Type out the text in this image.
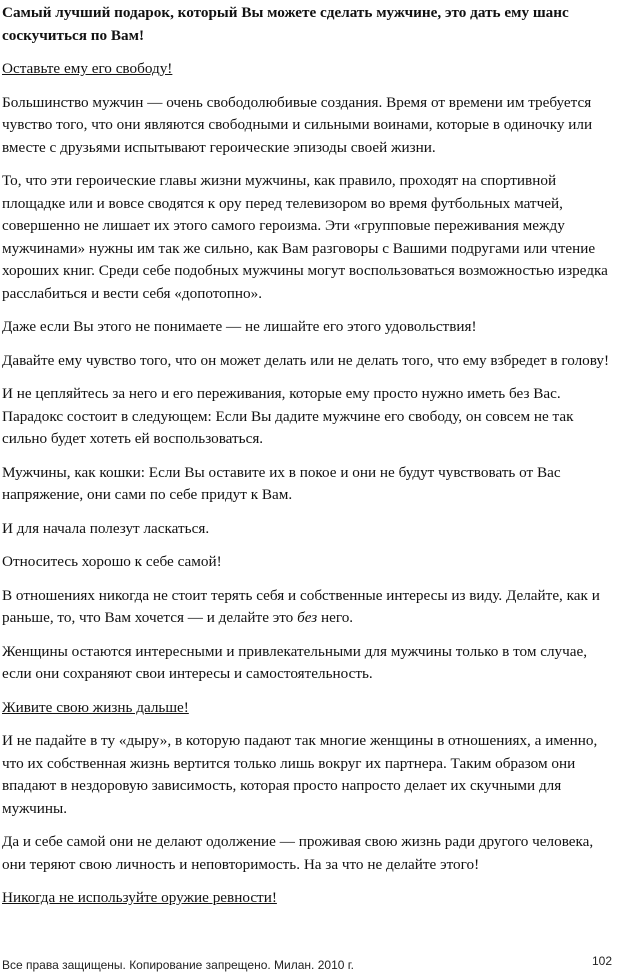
Самый лучший подарок, который Вы можете сделать мужчине, это дать ему шанс соскучиться по Вам!
Оставьте ему его свободу!

Большинство мужчин — очень свободолюбивые создания. Время от времени им требуется чувство того, что они являются свободными и сильными воинами, которые в одиночку или вместе с друзьями испытывают героические эпизоды своей жизни.

То, что эти героические главы жизни мужчины, как правило, проходят на спортивной площадке или и вовсе сводятся к ору перед телевизором во время футбольных матчей, совершенно не лишает их этого самого героизма. Эти «групповые переживания между мужчинами» нужны им так же сильно, как Вам разговоры с Вашими подругами или чтение хороших книг. Среди себе подобных мужчины могут воспользоваться возможностью изредка расслабиться и вести себя «допотопно».

Даже если Вы этого не понимаете — не лишайте его этого удовольствия!

Давайте ему чувство того, что он может делать или не делать того, что ему взбредет в голову!

И не цепляйтесь за него и его переживания, которые ему просто нужно иметь без Вас. Парадокс состоит в следующем: Если Вы дадите мужчине его свободу, он совсем не так сильно будет хотеть ей воспользоваться.

Мужчины, как кошки: Если Вы оставите их в покое и они не будут чувствовать от Вас напряжение, они сами по себе придут к Вам.

И для начала полезут ласкаться.

Относитесь хорошо к себе самой!

В отношениях никогда не стоит терять себя и собственные интересы из виду. Делайте, как и раньше, то, что Вам хочется — и делайте это без него.

Женщины остаются интересными и привлекательными для мужчины только в том случае, если они сохраняют свои интересы и самостоятельность.

Живите свою жизнь дальше!

И не падайте в ту «дыру», в которую падают так многие женщины в отношениях, а именно, что их собственная жизнь вертится только лишь вокруг их партнера. Таким образом они впадают в нездоровую зависимость, которая просто напросто делает их скучными для мужчины.

Да и себе самой они не делают одолжение — проживая свою жизнь ради другого человека, они теряют свою личность и неповторимость. На за что не делайте этого!

Никогда не используйте оружие ревности!
Все права защищены. Копирование запрещено. Милан. 2010 г.	102
